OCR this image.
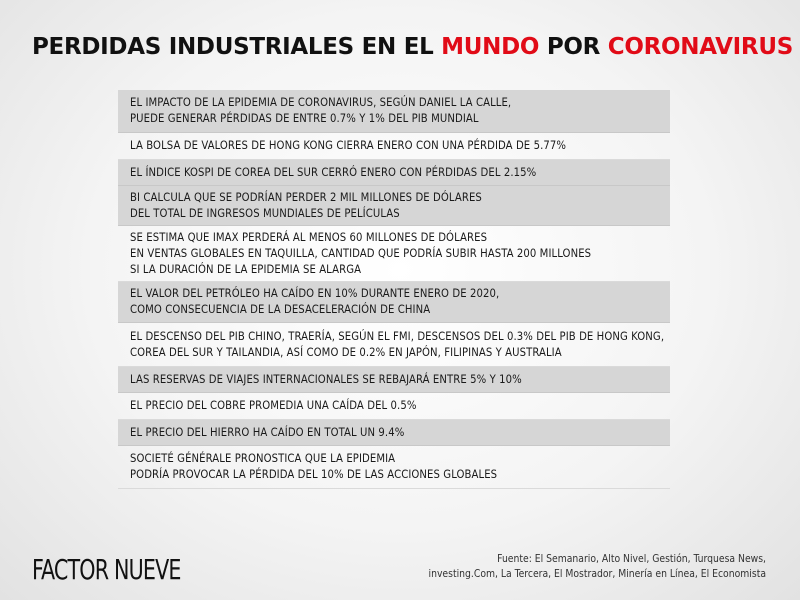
PERDIDAS INDUSTRIALES EN EL MUNDO POR CORONAVIRUS
EL IMPACTO DE LA EPIDEMIA DE CORONAVIRUS, SEGÚN DANIEL LA CALLE,
PUEDE GENERAR PÉRDIDAS DE ENTRE 0.7% Y 1% DEL PIB MUNDIAL
LA BOLSA DE VALORES DE HONG KONG CIERRA ENERO CON UNA PÉRDIDA DE 5.77%
EL ÍNDICE KOSPI DE COREA DEL SUR CERRÓ ENERO CON PÉRDIDAS DEL 2.15%
BI CALCULA QUE SE PODRÍAN PERDER 2 MIL MILLONES DE DÓLARES
DEL TOTAL DE INGRESOS MUNDIALES DE PELÍCULAS
SE ESTIMA QUE IMAX PERDERÁ AL MENOS 60 MILLONES DE DÓLARES
EN VENTAS GLOBALES EN TAQUILLA, CANTIDAD QUE PODRÍA SUBIR HASTA 200 MILLONES
SI LA DURACIÓN DE LA EPIDEMIA SE ALARGA
EL VALOR DEL PETRÓLEO HA CAÍDO EN 10% DURANTE ENERO DE 2020,
COMO CONSECUENCIA DE LA DESACELERACIÓN DE CHINA
EL DESCENSO DEL PIB CHINO, TRAERÍA, SEGÚN EL FMI, DESCENSOS DEL 0.3% DEL PIB DE HONG KONG,
COREA DEL SUR Y TAILANDIA, ASÍ COMO DE 0.2% EN JAPÓN, FILIPINAS Y AUSTRALIA
LAS RESERVAS DE VIAJES INTERNACIONALES SE REBAJARÁ ENTRE 5% Y 10%
EL PRECIO DEL COBRE PROMEDIA UNA CAÍDA DEL 0.5%
EL PRECIO DEL HIERRO HA CAÍDO EN TOTAL UN 9.4%
SOCIETÉ GÉNÉRALE PRONOSTICA QUE LA EPIDEMIA
PODRÍA PROVOCAR LA PÉRDIDA DEL 10% DE LAS ACCIONES GLOBALES
FACTOR NUEVE	Fuente: El Semanario, Alto Nivel, Gestión, Turquesa News,
investing.Com, La Tercera, El Mostrador, Minería en Línea, El Economista
